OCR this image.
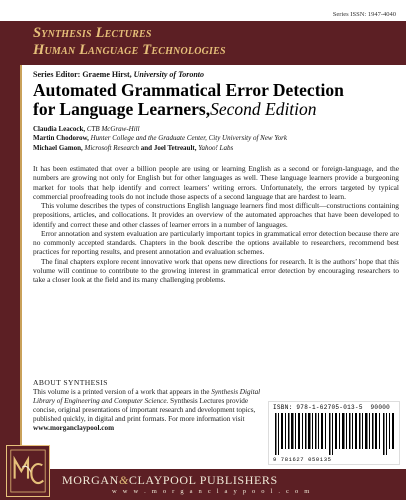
Series ISSN: 1947-4040
Synthesis Lectures
Human Language Technologies
Series Editor: Graeme Hirst, University of Toronto
Automated Grammatical Error Detection
for Language Learners,Second Edition
Claudia Leacock, CTB McGraw-Hill
Martin Chodorow, Hunter College and the Graduate Center, City University of New York
Michael Gamon, Microsoft Research and Joel Tetreault, Yahoo! Labs

It has been estimated that over a billion people are using or learning English as a second or foreign-language, and the numbers are growing not only for English but for other languages as well. These language learners provide a burgeoning market for tools that help identify and correct learners’ writing errors. Unfortunately, the errors targeted by typical commercial proofreading tools do not include those aspects of a second language that are hardest to learn.

This volume describes the types of constructions English language learners find most difficult—constructions containing prepositions, articles, and collocations. It provides an overview of the automated approaches that have been developed to identify and correct these and other classes of learner errors in a number of languages.

Error annotation and system evaluation are particularly important topics in grammatical error detection because there are no commonly accepted standards. Chapters in the book describe the options available to researchers, recommend best practices for reporting results, and present annotation and evaluation schemes.

The final chapters explore recent innovative work that opens new directions for research. It is the authors’ hope that this volume will continue to contribute to the growing interest in grammatical error detection by encouraging researchers to take a closer look at the field and its many challenging problems.

ABOUT SYNTHESIS
This volume is a printed version of a work that appears in the Synthesis Digital Library of Engineering and Computer Science. Synthesis Lectures provide concise, original presentations of important research and development topics, published quickly, in digital and print formats. For more information visit www.morganclaypool.com
ISBN: 978-1-62705-013-5 90000
9 781627 050135
MORGAN&CLAYPOOL PUBLISHERS
w w w . m o r g a n c l a y p o o l . c o m
